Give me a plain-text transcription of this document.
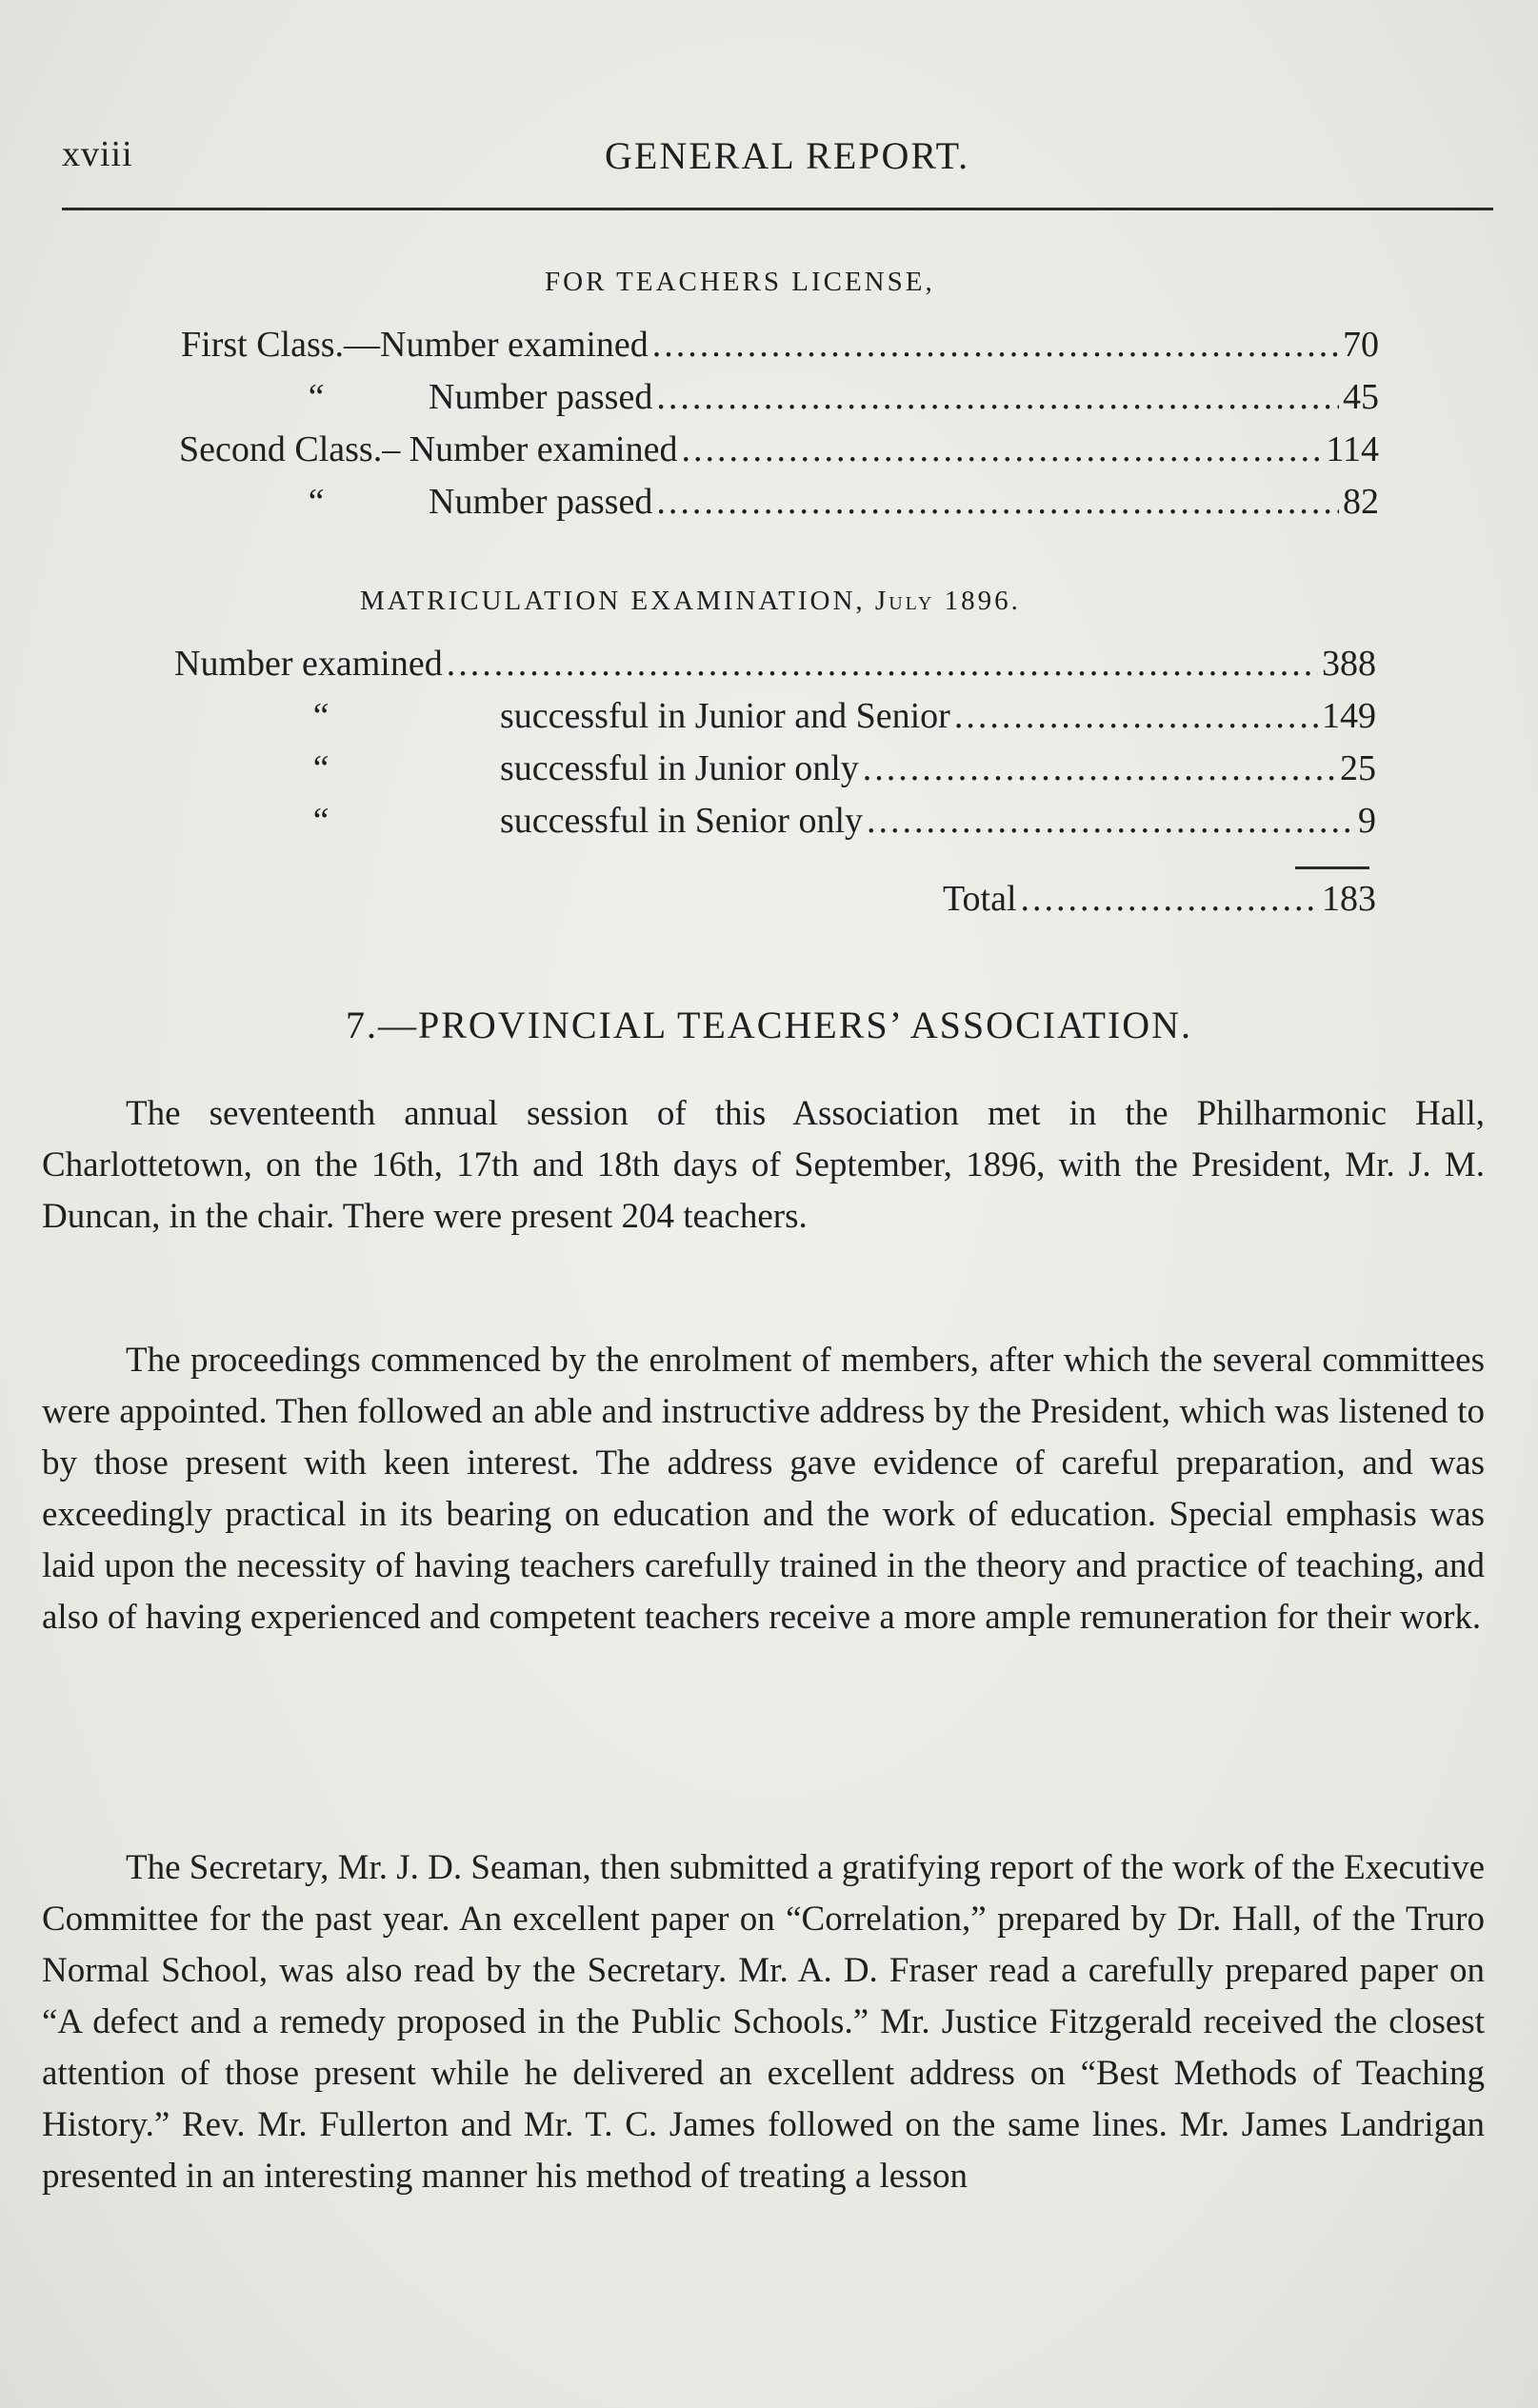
xviii	GENERAL REPORT.
FOR TEACHERS LICENSE,
First Class.—Number examined .....	70
“	Number passed .....	45
Second Class.– Number examined .....	114
“	Number passed .....	82
MATRICULATION EXAMINATION, July 1896.
Number examined .....	388
“	successful in Junior and Senior .....	149
“	successful in Junior only .....	25
“	successful in Senior only .....	9
Total .....	183
7.—PROVINCIAL TEACHERS’ ASSOCIATION.

The seventeenth annual session of this Association met in the Philharmonic Hall, Charlottetown, on the 16th, 17th and 18th days of September, 1896, with the President, Mr. J. M. Duncan, in the chair. There were present 204 teachers.

The proceedings commenced by the enrolment of members, after which the several committees were appointed. Then followed an able and instructive address by the President, which was listened to by those present with keen interest. The address gave evidence of careful preparation, and was exceedingly practical in its bearing on education and the work of education. Special emphasis was laid upon the necessity of having teachers carefully trained in the theory and practice of teaching, and also of having experienced and competent teachers receive a more ample remuneration for their work.

The Secretary, Mr. J. D. Seaman, then submitted a gratifying report of the work of the Executive Committee for the past year. An excellent paper on “Correlation,” prepared by Dr. Hall, of the Truro Normal School, was also read by the Secretary. Mr. A. D. Fraser read a carefully prepared paper on “A defect and a remedy proposed in the Public Schools.” Mr. Justice Fitzgerald received the closest attention of those present while he delivered an excellent address on “Best Methods of Teaching History.” Rev. Mr. Fullerton and Mr. T. C. James followed on the same lines. Mr. James Landrigan presented in an interesting manner his method of treating a lesson
